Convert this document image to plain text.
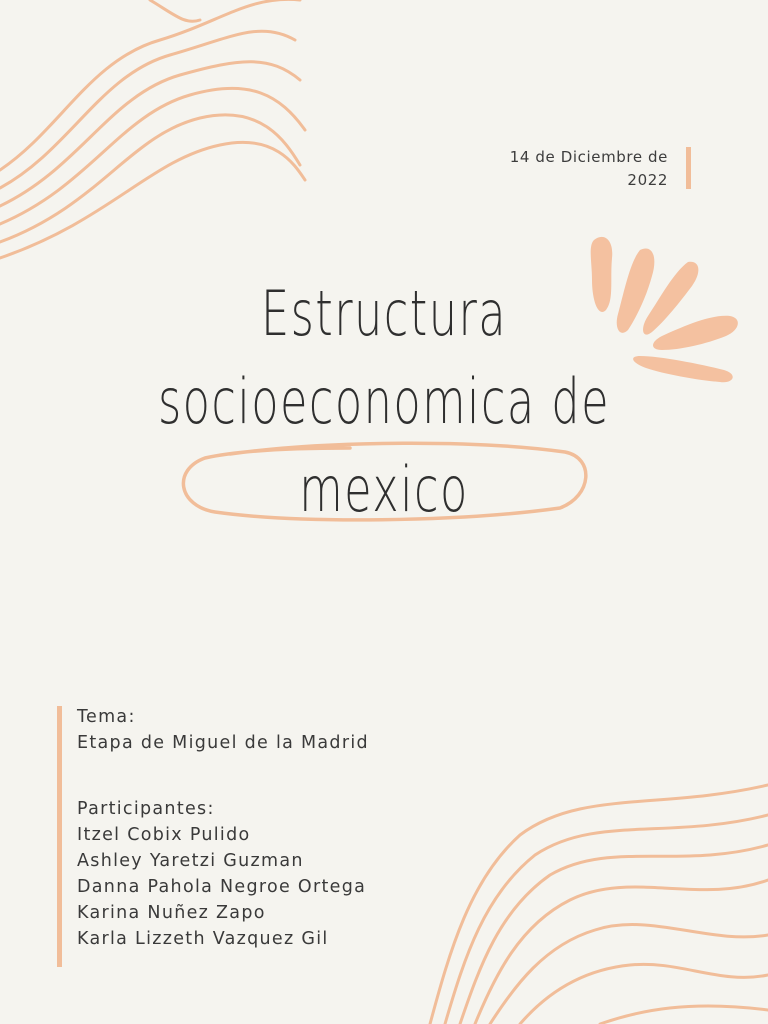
14 de Diciembre de
2022
Estructura
socioeconomica de
mexico
Tema:
Etapa de Miguel de la Madrid
Participantes:
Itzel Cobix Pulido
Ashley Yaretzi Guzman
Danna Pahola Negroe Ortega
Karina Nuñez Zapo
Karla Lizzeth Vazquez Gil
